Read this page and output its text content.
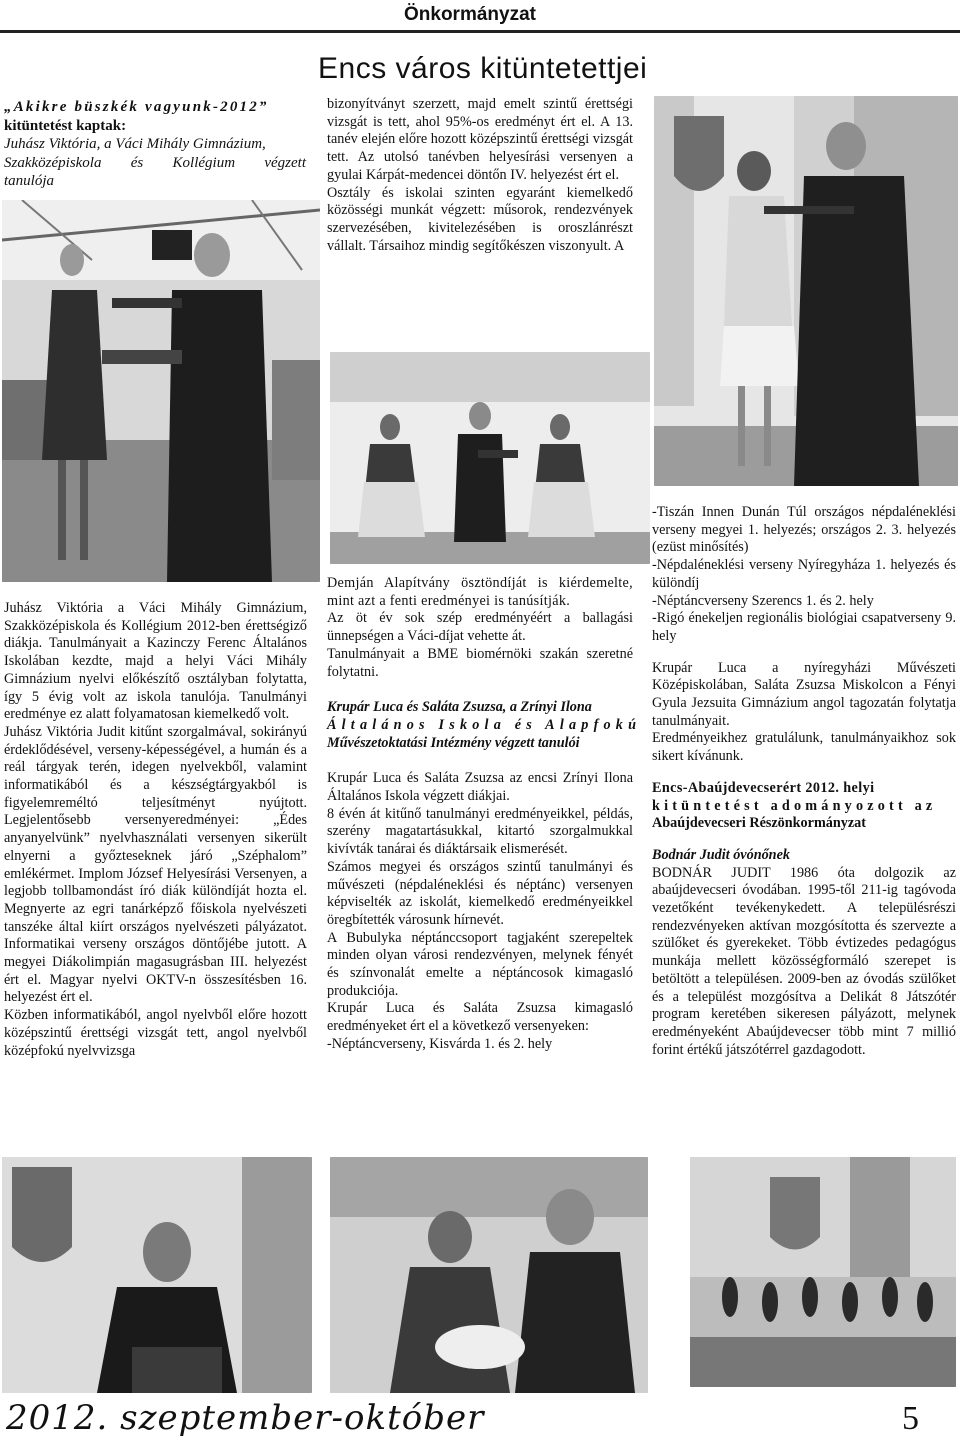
Önkormányzat
Encs város kitüntetettjei
„Akikre büszkék vagyunk-2012”
kitüntetést kaptak:
Juhász Viktória, a Váci Mihály Gimnázium,
Szakközépiskola és Kollégium végzett
tanulója

bizonyítványt szerzett, majd emelt szintű érettségi vizsgát is tett, ahol 95%-os eredményt ért el. A 13. tanév elején előre hozott középszintű érettségi vizsgát tett. Az utolsó tanévben helyesírási versenyen a gyulai Kárpát-medencei döntőn IV. helyezést ért el.

Osztály és iskolai szinten egyaránt kiemelkedő közösségi munkát végzett: műsorok, rendezvények szervezésében, kivitelezésében is oroszlánrészt vállalt. Társaihoz mindig segítőkészen viszonyult. A

Juhász Viktória a Váci Mihály Gimnázium, Szakközépiskola és Kollégium 2012-ben érettségiző diákja. Tanulmányait a Kazinczy Ferenc Általános Iskolában kezdte, majd a helyi Váci Mihály Gimnázium nyelvi előkészítő osztályban folytatta, így 5 évig volt az iskola tanulója. Tanulmányi eredménye ez alatt folyamatosan kiemelkedő volt.

Juhász Viktória Judit kitűnt szorgalmával, sokirányú érdeklődésével, verseny-képességével, a humán és a reál tárgyak terén, idegen nyelvekből, valamint informatikából és a készségtárgyakból is figyelemreméltó teljesítményt nyújtott. Legjelentősebb versenyeredményei: „Édes anyanyelvünk” nyelvhasználati versenyen sikerült elnyerni a győzteseknek járó „Széphalom” emlékérmet. Implom József Helyesírási Versenyen, a legjobb tollbamondást író diák különdíját hozta el. Megnyerte az egri tanárképző főiskola nyelvészeti tanszéke által kiírt országos nyelvészeti pályázatot. Informatikai verseny országos döntőjébe jutott. A megyei Diákolimpián magasugrásban III. helyezést ért el. Magyar nyelvi OKTV-n összesítésben 16. helyezést ért el.

Közben informatikából, angol nyelvből előre hozott középszintű érettségi vizsgát tett, angol nyelvből középfokú nyelvvizsga

Demján Alapítvány ösztöndíját is kiérdemelte, mint azt a fenti eredményei is tanúsítják.

Az öt év sok szép eredményéért a ballagási ünnepségen a Váci-díjat vehette át.

Tanulmányait a BME biomérnöki szakán szeretné folytatni.

Krupár Luca és Saláta Zsuzsa, a Zrínyi Ilona
Általános Iskola és Alapfokú
Művészetoktatási Intézmény végzett tanulói

Krupár Luca és Saláta Zsuzsa az encsi Zrínyi Ilona Általános Iskola végzett diákjai.

8 évén át kitűnő tanulmányi eredményeikkel, példás, szerény magatartásukkal, kitartó szorgalmukkal kivívták tanárai és diáktársaik elismerését.

Számos megyei és országos szintű tanulmányi és művészeti (népdaléneklési és néptánc) versenyen képviselték az iskolát, kiemelkedő eredményeikkel öregbítették városunk hírnevét.

A Bubulyka néptánccsoport tagjaként szerepeltek minden olyan városi rendezvényen, melynek fényét és színvonalát emelte a néptáncosok kimagasló produkciója.

Krupár Luca és Saláta Zsuzsa kimagasló eredményeket ért el a következő versenyeken:

-Néptáncverseny, Kisvárda 1. és 2. hely

-Tiszán Innen Dunán Túl országos népdaléneklési verseny megyei 1. helyezés; országos 2. 3. helyezés (ezüst minősítés)

-Népdaléneklési verseny Nyíregyháza 1. helyezés és különdíj

-Néptáncverseny Szerencs 1. és 2. hely

-Rigó énekeljen regionális biológiai csapatverseny 9. hely

Krupár Luca a nyíregyházi Művészeti Középiskolában, Saláta Zsuzsa Miskolcon a Fényi Gyula Jezsuita Gimnázium angol tagozatán folytatja tanulmányait.

Eredményeikhez gratulálunk, tanulmányaikhoz sok sikert kívánunk.

Encs-Abaújdevecserért 2012. helyi
kitüntetést adományozott az
Abaújdevecseri Részönkormányzat

Bodnár Judit óvónőnek

BODNÁR JUDIT 1986 óta dolgozik az abaújdevecseri óvodában. 1995-től 211-ig tagóvoda vezetőként tevékenykedett. A településrészi rendezvényeken aktívan mozgósította és szervezte a szülőket és gyerekeket. Több évtizedes pedagógus munkája mellett közösségformáló szerepet is betöltött a településen. 2009-ben az óvodás szülőket és a települést mozgósítva a Delikát 8 Játszótér program keretében sikeresen pályázott, melynek eredményeként Abaújdevecser több mint 7 millió forint értékű játszótérrel gazdagodott.

2012. szeptember-október	5
